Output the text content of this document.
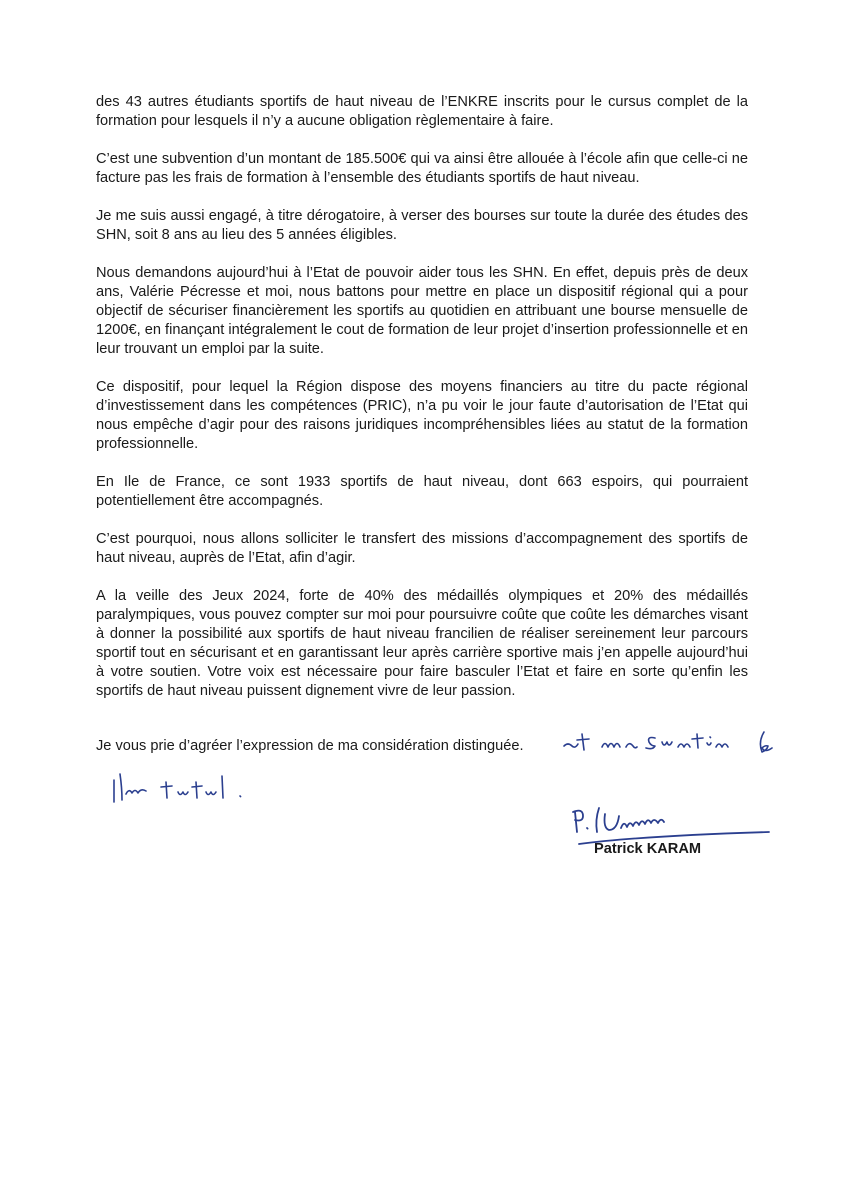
des 43 autres étudiants sportifs de haut niveau de l’ENKRE inscrits pour le cursus complet de la formation pour lesquels il n’y a aucune obligation règlementaire à faire.

C’est une subvention d’un montant de 185.500€ qui va ainsi être allouée à l’école afin que celle-ci ne facture pas les frais de formation à l’ensemble des étudiants sportifs de haut niveau.

Je me suis aussi engagé, à titre dérogatoire, à verser des bourses sur toute la durée des études des SHN, soit 8 ans au lieu des 5 années éligibles.

Nous demandons aujourd’hui à l’Etat de pouvoir aider tous les SHN. En effet, depuis près de deux ans, Valérie Pécresse et moi, nous battons pour mettre en place un dispositif régional qui a pour objectif de sécuriser financièrement les sportifs au quotidien en attribuant une bourse mensuelle de 1200€, en finançant intégralement le cout de formation de leur projet d’insertion professionnelle et en leur trouvant un emploi par la suite.

Ce dispositif, pour lequel la Région dispose des moyens financiers au titre du pacte régional d’investissement dans les compétences (PRIC), n’a pu voir le jour faute d’autorisation de l’Etat qui nous empêche d’agir pour des raisons juridiques incompréhensibles liées au statut de la formation professionnelle.

En Ile de France, ce sont 1933 sportifs de haut niveau, dont 663 espoirs, qui pourraient potentiellement être accompagnés.

C’est pourquoi, nous allons solliciter le transfert des missions d’accompagnement des sportifs de haut niveau, auprès de l’Etat, afin d’agir.

A la veille des Jeux 2024, forte de 40% des médaillés olympiques et 20% des médaillés paralympiques, vous pouvez compter sur moi pour poursuivre coûte que coûte les démarches visant à donner la possibilité aux sportifs de haut niveau francilien de réaliser sereinement leur parcours sportif tout en sécurisant et en garantissant leur après carrière sportive mais j’en appelle aujourd’hui à votre soutien. Votre voix est nécessaire pour faire basculer l’Etat et faire en sorte qu’enfin les sportifs de haut niveau puissent dignement vivre de leur passion.

Je vous prie d’agréer l’expression de ma considération distinguée.
Patrick KARAM
